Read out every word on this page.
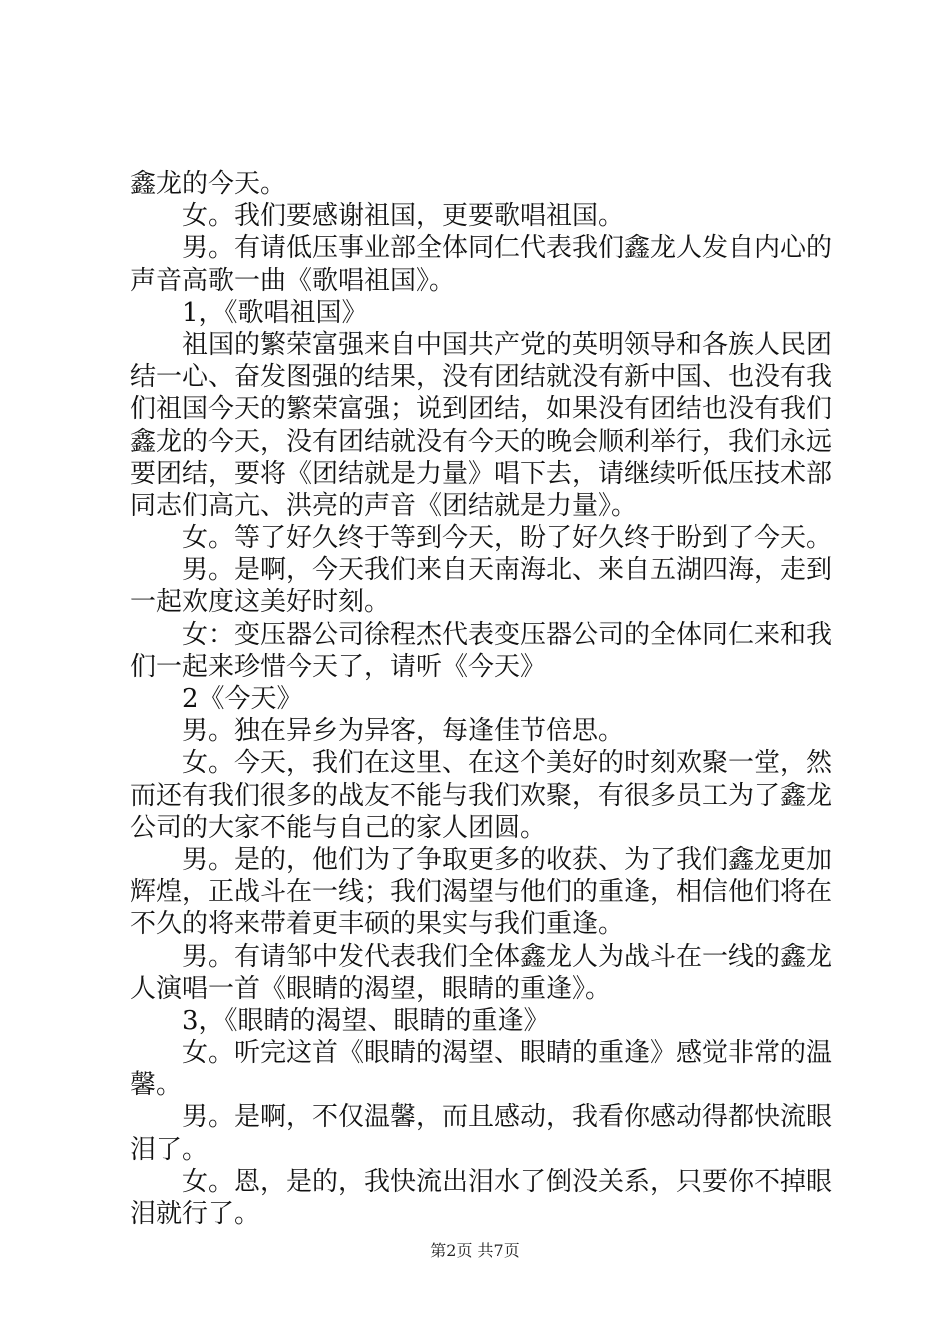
鑫龙的今天。
女。我们要感谢祖国，更要歌唱祖国。
男。有请低压事业部全体同仁代表我们鑫龙人发自内心的
声音高歌一曲《歌唱祖国》。
1，《歌唱祖国》
祖国的繁荣富强来自中国共产党的英明领导和各族人民团
结一心、奋发图强的结果，没有团结就没有新中国、也没有我
们祖国今天的繁荣富强；说到团结，如果没有团结也没有我们
鑫龙的今天，没有团结就没有今天的晚会顺利举行，我们永远
要团结，要将《团结就是力量》唱下去，请继续听低压技术部
同志们高亢、洪亮的声音《团结就是力量》。
女。等了好久终于等到今天，盼了好久终于盼到了今天。
男。是啊，今天我们来自天南海北、来自五湖四海，走到
一起欢度这美好时刻。
女：变压器公司徐程杰代表变压器公司的全体同仁来和我
们一起来珍惜今天了，请听《今天》
2《今天》
男。独在异乡为异客，每逢佳节倍思。
女。今天，我们在这里、在这个美好的时刻欢聚一堂，然
而还有我们很多的战友不能与我们欢聚，有很多员工为了鑫龙
公司的大家不能与自己的家人团圆。
男。是的，他们为了争取更多的收获、为了我们鑫龙更加
辉煌，正战斗在一线；我们渴望与他们的重逢，相信他们将在
不久的将来带着更丰硕的果实与我们重逢。
男。有请邹中发代表我们全体鑫龙人为战斗在一线的鑫龙
人演唱一首《眼睛的渴望，眼睛的重逢》。
3，《眼睛的渴望、眼睛的重逢》
女。听完这首《眼睛的渴望、眼睛的重逢》感觉非常的温
馨。
男。是啊，不仅温馨，而且感动，我看你感动得都快流眼
泪了。
女。恩，是的，我快流出泪水了倒没关系，只要你不掉眼
泪就行了。
第2页 共7页
